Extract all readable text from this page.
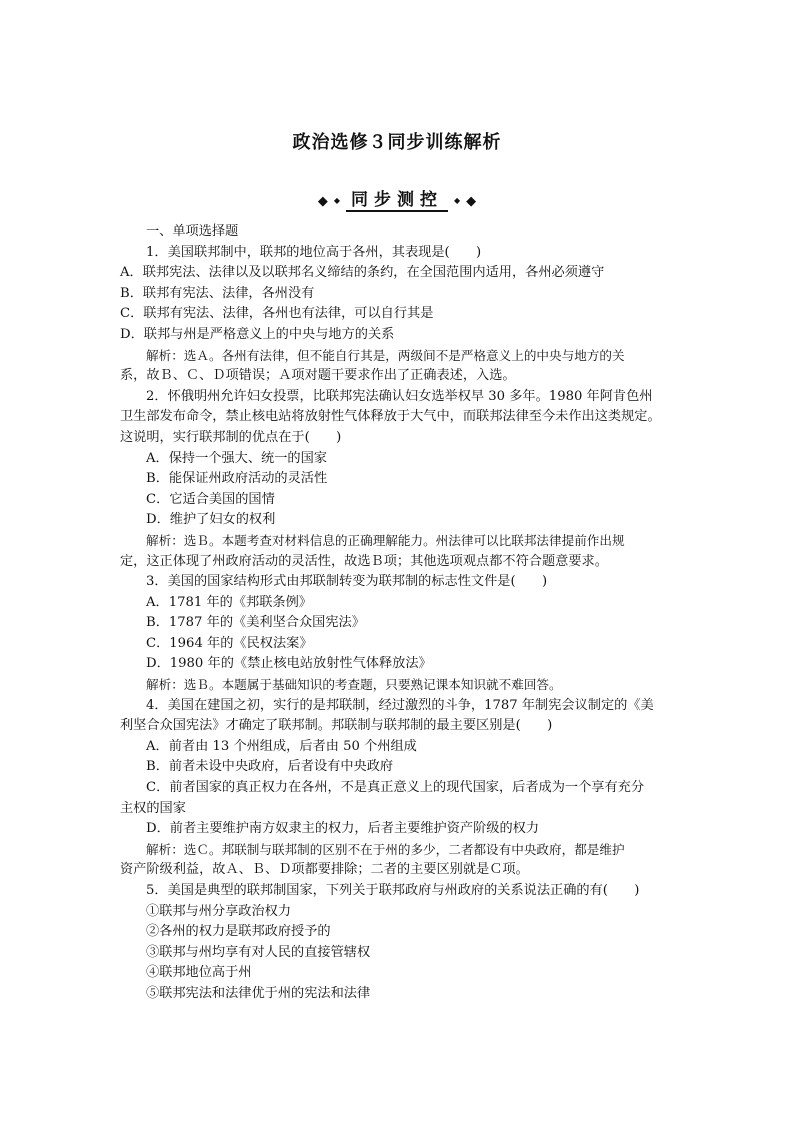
政治选修３同步训练解析
◆ ◆ 同步测控	◆ ◆
一、单项选择题
1．美国联邦制中，联邦的地位高于各州，其表现是(　　)
A．联邦宪法、法律以及以联邦名义缔结的条约，在全国范围内适用，各州必须遵守
B．联邦有宪法、法律，各州没有
C．联邦有宪法、法律，各州也有法律，可以自行其是
D．联邦与州是严格意义上的中央与地方的关系
解析：选Ａ。各州有法律，但不能自行其是，两级间不是严格意义上的中央与地方的关
系，故Ｂ、Ｃ、Ｄ项错误；Ａ项对题干要求作出了正确表述，入选。
2．怀俄明州允许妇女投票，比联邦宪法确认妇女选举权早 30 多年。1980 年阿肯色州
卫生部发布命令，禁止核电站将放射性气体释放于大气中，而联邦法律至今未作出这类规定。
这说明，实行联邦制的优点在于(　　)
A．保持一个强大、统一的国家
B．能保证州政府活动的灵活性
C．它适合美国的国情
D．维护了妇女的权利
解析：选Ｂ。本题考查对材料信息的正确理解能力。州法律可以比联邦法律提前作出规
定，这正体现了州政府活动的灵活性，故选Ｂ项；其他选项观点都不符合题意要求。
3．美国的国家结构形式由邦联制转变为联邦制的标志性文件是(　　)
A．1781 年的《邦联条例》
B．1787 年的《美利坚合众国宪法》
C．1964 年的《民权法案》
D．1980 年的《禁止核电站放射性气体释放法》
解析：选Ｂ。本题属于基础知识的考查题，只要熟记课本知识就不难回答。
4．美国在建国之初，实行的是邦联制，经过激烈的斗争，1787 年制宪会议制定的《美
利坚合众国宪法》才确定了联邦制。邦联制与联邦制的最主要区别是(　　)
A．前者由 13 个州组成，后者由 50 个州组成
B．前者未设中央政府，后者设有中央政府
C．前者国家的真正权力在各州，不是真正意义上的现代国家，后者成为一个享有充分
主权的国家
D．前者主要维护南方奴隶主的权力，后者主要维护资产阶级的权力
解析：选Ｃ。邦联制与联邦制的区别不在于州的多少，二者都设有中央政府，都是维护
资产阶级利益，故Ａ、Ｂ、Ｄ项都要排除；二者的主要区别就是Ｃ项。
5．美国是典型的联邦制国家，下列关于联邦政府与州政府的关系说法正确的有(　　)
①联邦与州分享政治权力
②各州的权力是联邦政府授予的
③联邦与州均享有对人民的直接管辖权
④联邦地位高于州
⑤联邦宪法和法律优于州的宪法和法律
